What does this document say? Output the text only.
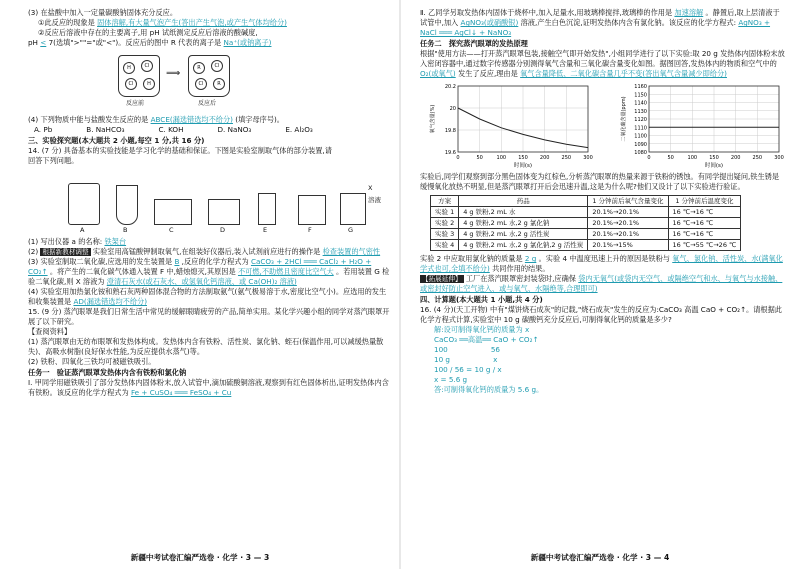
(3) 在盐酸中加入一定量碳酸钠固体充分反应。

①此反应的现象是 固体溶解,有大量气泡产生(答出产生气泡,或产生气体均给分)

②反应后溶液中存在的主要离子,用 pH 试纸测定反应后溶液的酸碱度,

pH < 7(选填">""="或"<")。反应后的图中 R 代表的离子是 Na⁺(或钠离子)

H	Cl
Cl	H
⟹	R	Cl
Cl	R
反应前	反应后

(4) 下列物质中能与盐酸发生反应的是 ABCE(漏选错选均不给分) (填字母序号)。

A. Pb	B. NaHCO₃	C. KOH	D. NaNO₃	E. Al₂O₃

三、实验探究题(本大题共 2 小题,每空 1 分,共 16 分)

14. (7 分) 具备基本的实验技能是学习化学的基础和保证。下图是实验室制取气体的部分装置,请

回答下列问题。

A	B	C	D	E	F	G
X
溶液

(1) 写出仪器 a 的名称: 铁架台

(2) 根据新教材调整 实验室用高锰酸钾制取氧气,在组装好仪器后,装入试剂前应进行的操作是 检查装置的气密性

(3) 实验室制取二氧化碳,应选用的发生装置是 B ,反应的化学方程式为 CaCO₃ + 2HCl ═══ CaCl₂ + H₂O + CO₂↑ 。将产生的二氧化碳气体通入装置 F 中,蜡烛熄灭,其原因是 不可燃,不助燃且密度比空气大 。若用装置 G 检验二氧化碳,则 X 溶液为 澄清石灰水(或石灰水、或氢氧化钙溶液、或 Ca(OH)₂ 溶液)

(4) 实验室用加热氯化铵和熟石灰两种固体混合物的方法制取氨气(氨气极易溶于水,密度比空气小)。应选用的发生和收集装置是 AD(漏选错选均不给分)

15. (9 分) 蒸汽眼罩是我们日常生活中常见的缓解眼睛疲劳的产品,简单实用。某化学兴趣小组的同学对蒸汽眼罩开展了以下研究。

【查阅资料】

(1) 蒸汽眼罩由无纺布眼罩和发热体构成。发热体内含有铁粉、活性炭、氯化钠、蛭石(保温作用,可以减缓热量散失)、高吸水树脂(良好保水性能,为反应提供水蒸气)等。

(2) 铁粉、四氧化三铁均可被磁铁吸引。

任务一　验证蒸汽眼罩发热体内含有铁粉和氯化钠

Ⅰ. 甲同学用磁铁吸引了部分发热体内固体粉末,放入试管中,滴加硫酸铜溶液,观察到有红色固体析出,证明发热体内含有铁粉。该反应的化学方程式为 Fe + CuSO₄ ═══ FeSO₄ + Cu

新疆中考试卷汇编严选卷 · 化学 · 3 — 3

Ⅱ. 乙同学另取发热体内固体于烧杯中,加入足量水,用玻璃棒搅拌,玻璃棒的作用是 加速溶解 。静置后,取上层清液于试管中,加入 AgNO₃(或硝酸银) 溶液,产生白色沉淀,证明发热体内含有氯化钠。该反应的化学方程式: AgNO₃ + NaCl ═══ AgCl↓ + NaNO₃

任务二　探究蒸汽眼罩的发热原理

根据"使用方法——打开蒸汽眼罩包装,接触空气即开始发热",小组同学进行了以下实验:取 20 g 发热体内固体粉末放入密闭容器中,通过数字传感器分别测得氧气含量和三氧化碳含量变化如图。据图回答,发热体内的物质和空气中的 O₂(或氧气) 发生了反应,理由是 氧气含量降低、二氧化碳含量几乎不变(答出氧气含量减少即给分)

19.6
19.8
20
20.2
0	50	100 150 200 250 300
氧气含量(%)
时间(s)
1080
1090
1100
1110
1120
1130
1140
1150
1160
0	50	100 150 200 250 300
二氧化碳含量(ppm)
时间(s)

实验后,同学们观察到部分黑色固体变为红棕色,分析蒸汽眼罩的热量来源于铁粉的锈蚀。有同学提出疑问,铁生锈是缓慢氧化放热不明显,但是蒸汽眼罩打开后会迅速升温,这是为什么呢?他们又设计了以下实验进行验证。

方案	药品	1 分钟前后氧气含量变化	1 分钟前后温度变化
实验 1	4 g 铁粉,2 mL 水	20.1%→20.1%	16 ℃→16 ℃
实验 2	4 g 铁粉,2 mL 水,2 g 氯化钠	20.1%→20.1%	16 ℃→16 ℃
实验 3	4 g 铁粉,2 mL 水,2 g 活性炭	20.1%→20.1%	16 ℃→16 ℃
实验 4	4 g 铁粉,2 mL 水,2 g 氯化钠,2 g 活性炭	20.1%→15%	16 ℃→55 ℃→26 ℃

实验 2 中应取用氯化钠的质量是 2 g 。实验 4 中温度迅速上升的原因是铁粉与 氧气、氯化钠、活性炭、水(满氧化学式也可,全填不给分) 共同作用的结果。

【拓展延伸】 工厂在蒸汽眼罩密封装袋时,应确保 袋内无氧气(或袋内无空气、或隔绝空气和水、与氧气与水接触、或密封好防止空气进入、或与氧气、水隔绝等,合理即可)

四、计算题(本大题共 1 小题,共 4 分)

16. (4 分)(天工开物) 中有"煤饼烧石成灰"的记载,"烧石成灰"发生的反应为:CaCO₃ 高温 CaO + CO₂↑。请根据此化学方程式计算,实验室中 10 g 碳酸钙充分反应后,可制得氧化钙的质量是多少?

解:设可制得氧化钙的质量为 x

CaCO₃ ══高温══ CaO + CO₂↑

100　　　　　　56

10 g　　　　　　x

100 / 56 = 10 g / x

x = 5.6 g

答:可制得氧化钙的质量为 5.6 g。

新疆中考试卷汇编严选卷 · 化学 · 3 — 4
